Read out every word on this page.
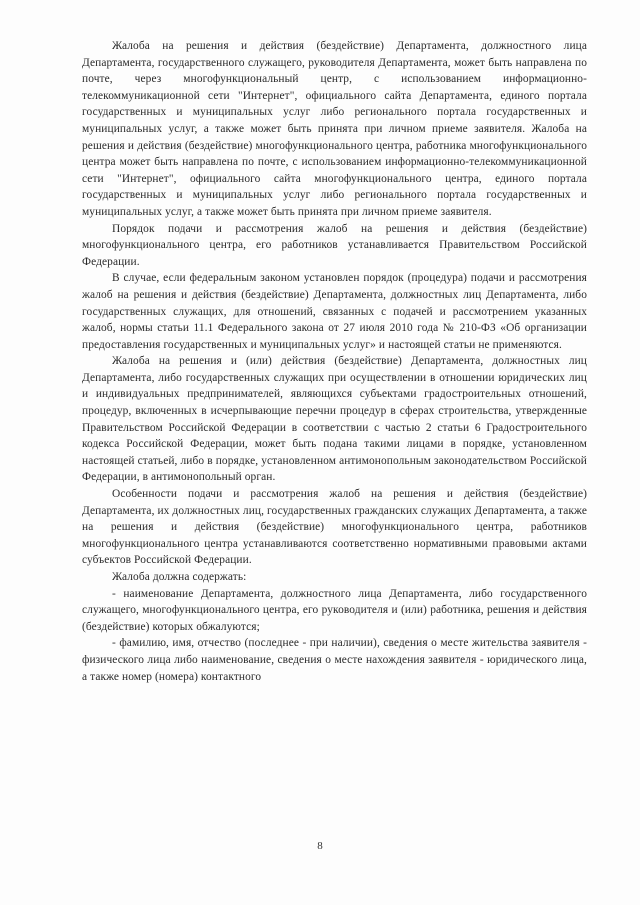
Жалоба на решения и действия (бездействие) Департамента, должностного лица Департамента, государственного служащего, руководителя Департамента, может быть направлена по почте, через многофункциональный центр, с использованием информационно-телекоммуникационной сети "Интернет", официального сайта Департамента, единого портала государственных и муниципальных услуг либо регионального портала государственных и муниципальных услуг, а также может быть принята при личном приеме заявителя. Жалоба на решения и действия (бездействие) многофункционального центра, работника многофункционального центра может быть направлена по почте, с использованием информационно-телекоммуникационной сети "Интернет", официального сайта многофункционального центра, единого портала государственных и муниципальных услуг либо регионального портала государственных и муниципальных услуг, а также может быть принята при личном приеме заявителя.

Порядок подачи и рассмотрения жалоб на решения и действия (бездействие) многофункционального центра, его работников устанавливается Правительством Российской Федерации.

В случае, если федеральным законом установлен порядок (процедура) подачи и рассмотрения жалоб на решения и действия (бездействие) Департамента, должностных лиц Департамента, либо государственных служащих, для отношений, связанных с подачей и рассмотрением указанных жалоб, нормы статьи 11.1 Федерального закона от 27 июля 2010 года № 210-ФЗ «Об организации предоставления государственных и муниципальных услуг» и настоящей статьи не применяются.

Жалоба на решения и (или) действия (бездействие) Департамента, должностных лиц Департамента, либо государственных служащих при осуществлении в отношении юридических лиц и индивидуальных предпринимателей, являющихся субъектами градостроительных отношений, процедур, включенных в исчерпывающие перечни процедур в сферах строительства, утвержденные Правительством Российской Федерации в соответствии с частью 2 статьи 6 Градостроительного кодекса Российской Федерации, может быть подана такими лицами в порядке, установленном настоящей статьей, либо в порядке, установленном антимонопольным законодательством Российской Федерации, в антимонопольный орган.

Особенности подачи и рассмотрения жалоб на решения и действия (бездействие) Департамента, их должностных лиц, государственных гражданских служащих Департамента, а также на решения и действия (бездействие) многофункционального центра, работников многофункционального центра устанавливаются соответственно нормативными правовыми актами субъектов Российской Федерации.

Жалоба должна содержать:

- наименование Департамента, должностного лица Департамента, либо государственного служащего, многофункционального центра, его руководителя и (или) работника, решения и действия (бездействие) которых обжалуются;

- фамилию, имя, отчество (последнее - при наличии), сведения о месте жительства заявителя - физического лица либо наименование, сведения о месте нахождения заявителя - юридического лица, а также номер (номера) контактного

8
